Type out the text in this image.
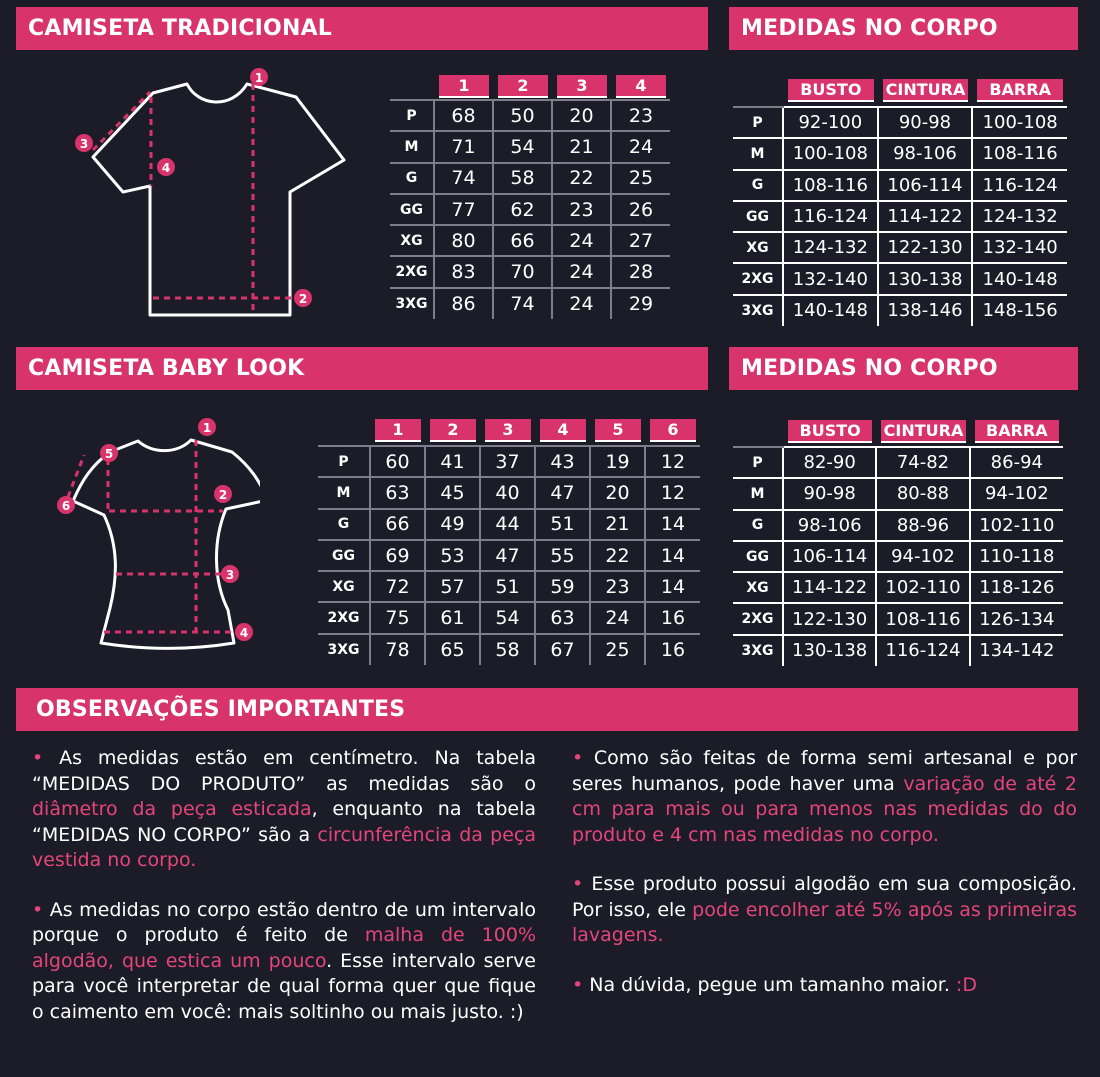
CAMISETA TRADICIONAL	MEDIDAS NO CORPO
CAMISETA BABY LOOK	MEDIDAS NO CORPO
OBSERVAÇÕES IMPORTANTES
1
2
3
4
1
2
3
4
5
6

	1	2	3	4

P	68	50	20	23
M	71	54	21	24
G	74	58	22	25
GG	77	62	23	26
XG	80	66	24	27
2XG	83	70	24	28
3XG	86	74	24	29

	BUSTO	CINTURA	BARRA

P	92-100	90-98	100-108
M	100-108	98-106	108-116
G	108-116	106-114	116-124
GG	116-124	114-122	124-132
XG	124-132	122-130	132-140
2XG	132-140	130-138	140-148
3XG	140-148	138-146	148-156

	1	2	3	4	5	6

P	60	41	37	43	19	12
M	63	45	40	47	20	12
G	66	49	44	51	21	14
GG	69	53	47	55	22	14
XG	72	57	51	59	23	14
2XG	75	61	54	63	24	16
3XG	78	65	58	67	25	16

	BUSTO	CINTURA	BARRA

P	82-90	74-82	86-94
M	90-98	80-88	94-102
G	98-106	88-96	102-110
GG	106-114	94-102	110-118
XG	114-122	102-110	118-126
2XG	122-130	108-116	126-134
3XG	130-138	116-124	134-142

• As medidas estão em centímetro. Na tabela “MEDIDAS DO PRODUTO” as medidas são o diâmetro da peça esticada, enquanto na tabela “MEDIDAS NO CORPO” são a circunferência da peça vestida no corpo.

• As medidas no corpo estão dentro de um intervalo porque o produto é feito de malha de 100% algodão, que estica um pouco. Esse intervalo serve para você interpretar de qual forma quer que fique o caimento em você: mais soltinho ou mais justo. :)

• Como são feitas de forma semi artesanal e por seres humanos, pode haver uma variação de até 2 cm para mais ou para menos nas medidas do do produto e 4 cm nas medidas no corpo.

• Esse produto possui algodão em sua composição. Por isso, ele pode encolher até 5% após as primeiras lavagens.

• Na dúvida, pegue um tamanho maior. :D
